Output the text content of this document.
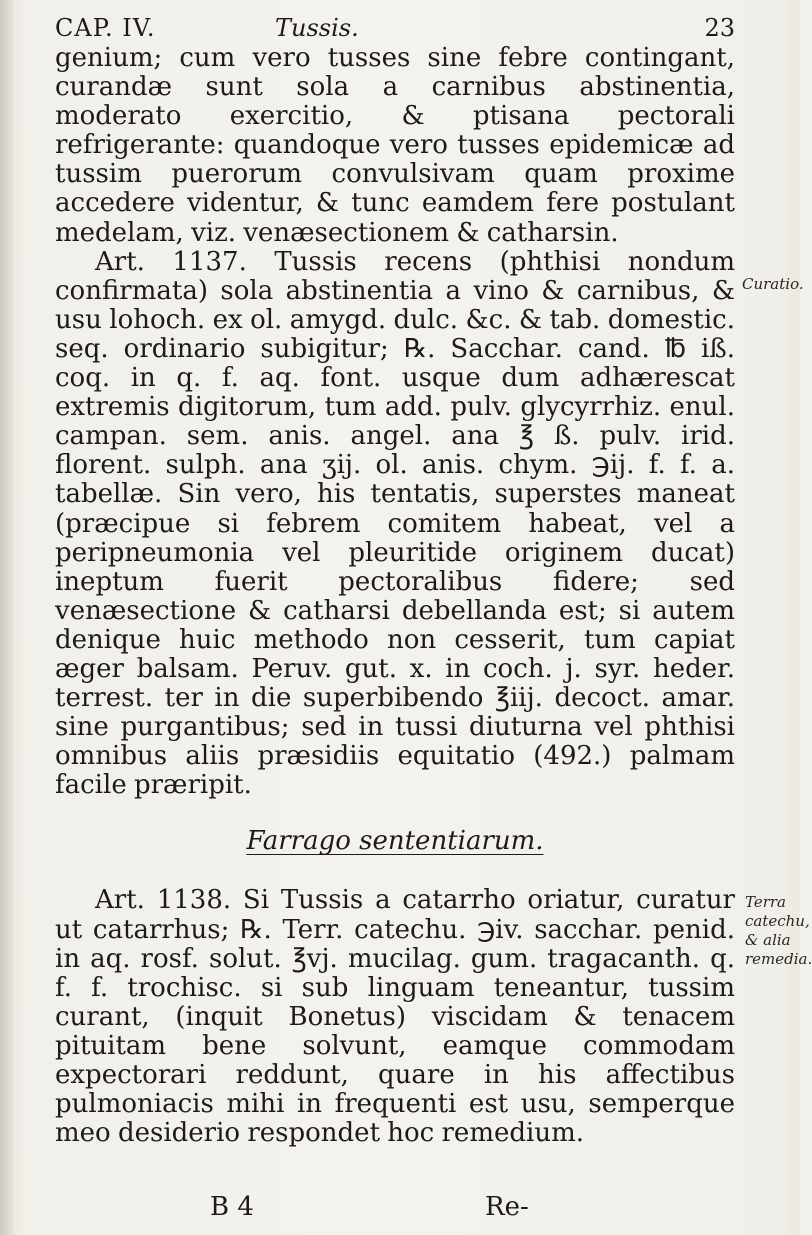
CAP. IV.	Tussis.	23

genium; cum vero tusses sine febre contingant, curandæ sunt sola a carnibus abstinentia, moderato exercitio, & ptisana pectorali refrigerante: quandoque vero tusses epidemicæ ad tussim puerorum convulsivam quam proxime accedere videntur, & tunc eamdem fere postulant medelam, viz. venæsectionem & catharsin.

Art. 1137. Tussis recens (phthisi nondum confirmata) sola abstinentia a vino & carnibus, & usu lohoch. ex ol. amygd. dulc. &c. & tab. domestic. seq. ordinario subigitur; ℞. Sacchar. cand. ℔ iß. coq. in q. f. aq. font. usque dum adhærescat extremis digitorum, tum add. pulv. glycyrrhiz. enul. campan. sem. anis. angel. ana ℥ ß. pulv. irid. florent. sulph. ana ʒij. ol. anis. chym. ℈ij. f. f. a. tabellæ. Sin vero, his tentatis, superstes maneat (præcipue si febrem comitem habeat, vel a peripneumonia vel pleuritide originem ducat) ineptum fuerit pectoralibus fidere; sed venæsectione & catharsi debellanda est; si autem denique huic methodo non cesserit, tum capiat æger balsam. Peruv. gut. x. in coch. j. syr. heder. terrest. ter in die superbibendo ℥iij. decoct. amar. sine purgantibus; sed in tussi diuturna vel phthisi omnibus aliis præsidiis equitatio (492.) palmam facile præripit.

Farrago sententiarum.

Art. 1138. Si Tussis a catarrho oriatur, curatur ut catarrhus; ℞. Terr. catechu. ℈iv. sacchar. penid. in aq. rosf. solut. ℥vj. mucilag. gum. tragacanth. q. f. f. trochisc. si sub linguam teneantur, tussim curant, (inquit Bonetus) viscidam & tenacem pituitam bene solvunt, eamque commodam expectorari reddunt, quare in his affectibus pulmoniacis mihi in frequenti est usu, semperque meo desiderio respondet hoc remedium.

Curatio.
Terra
catechu,
& alia
remedia.
B 4	Re-
